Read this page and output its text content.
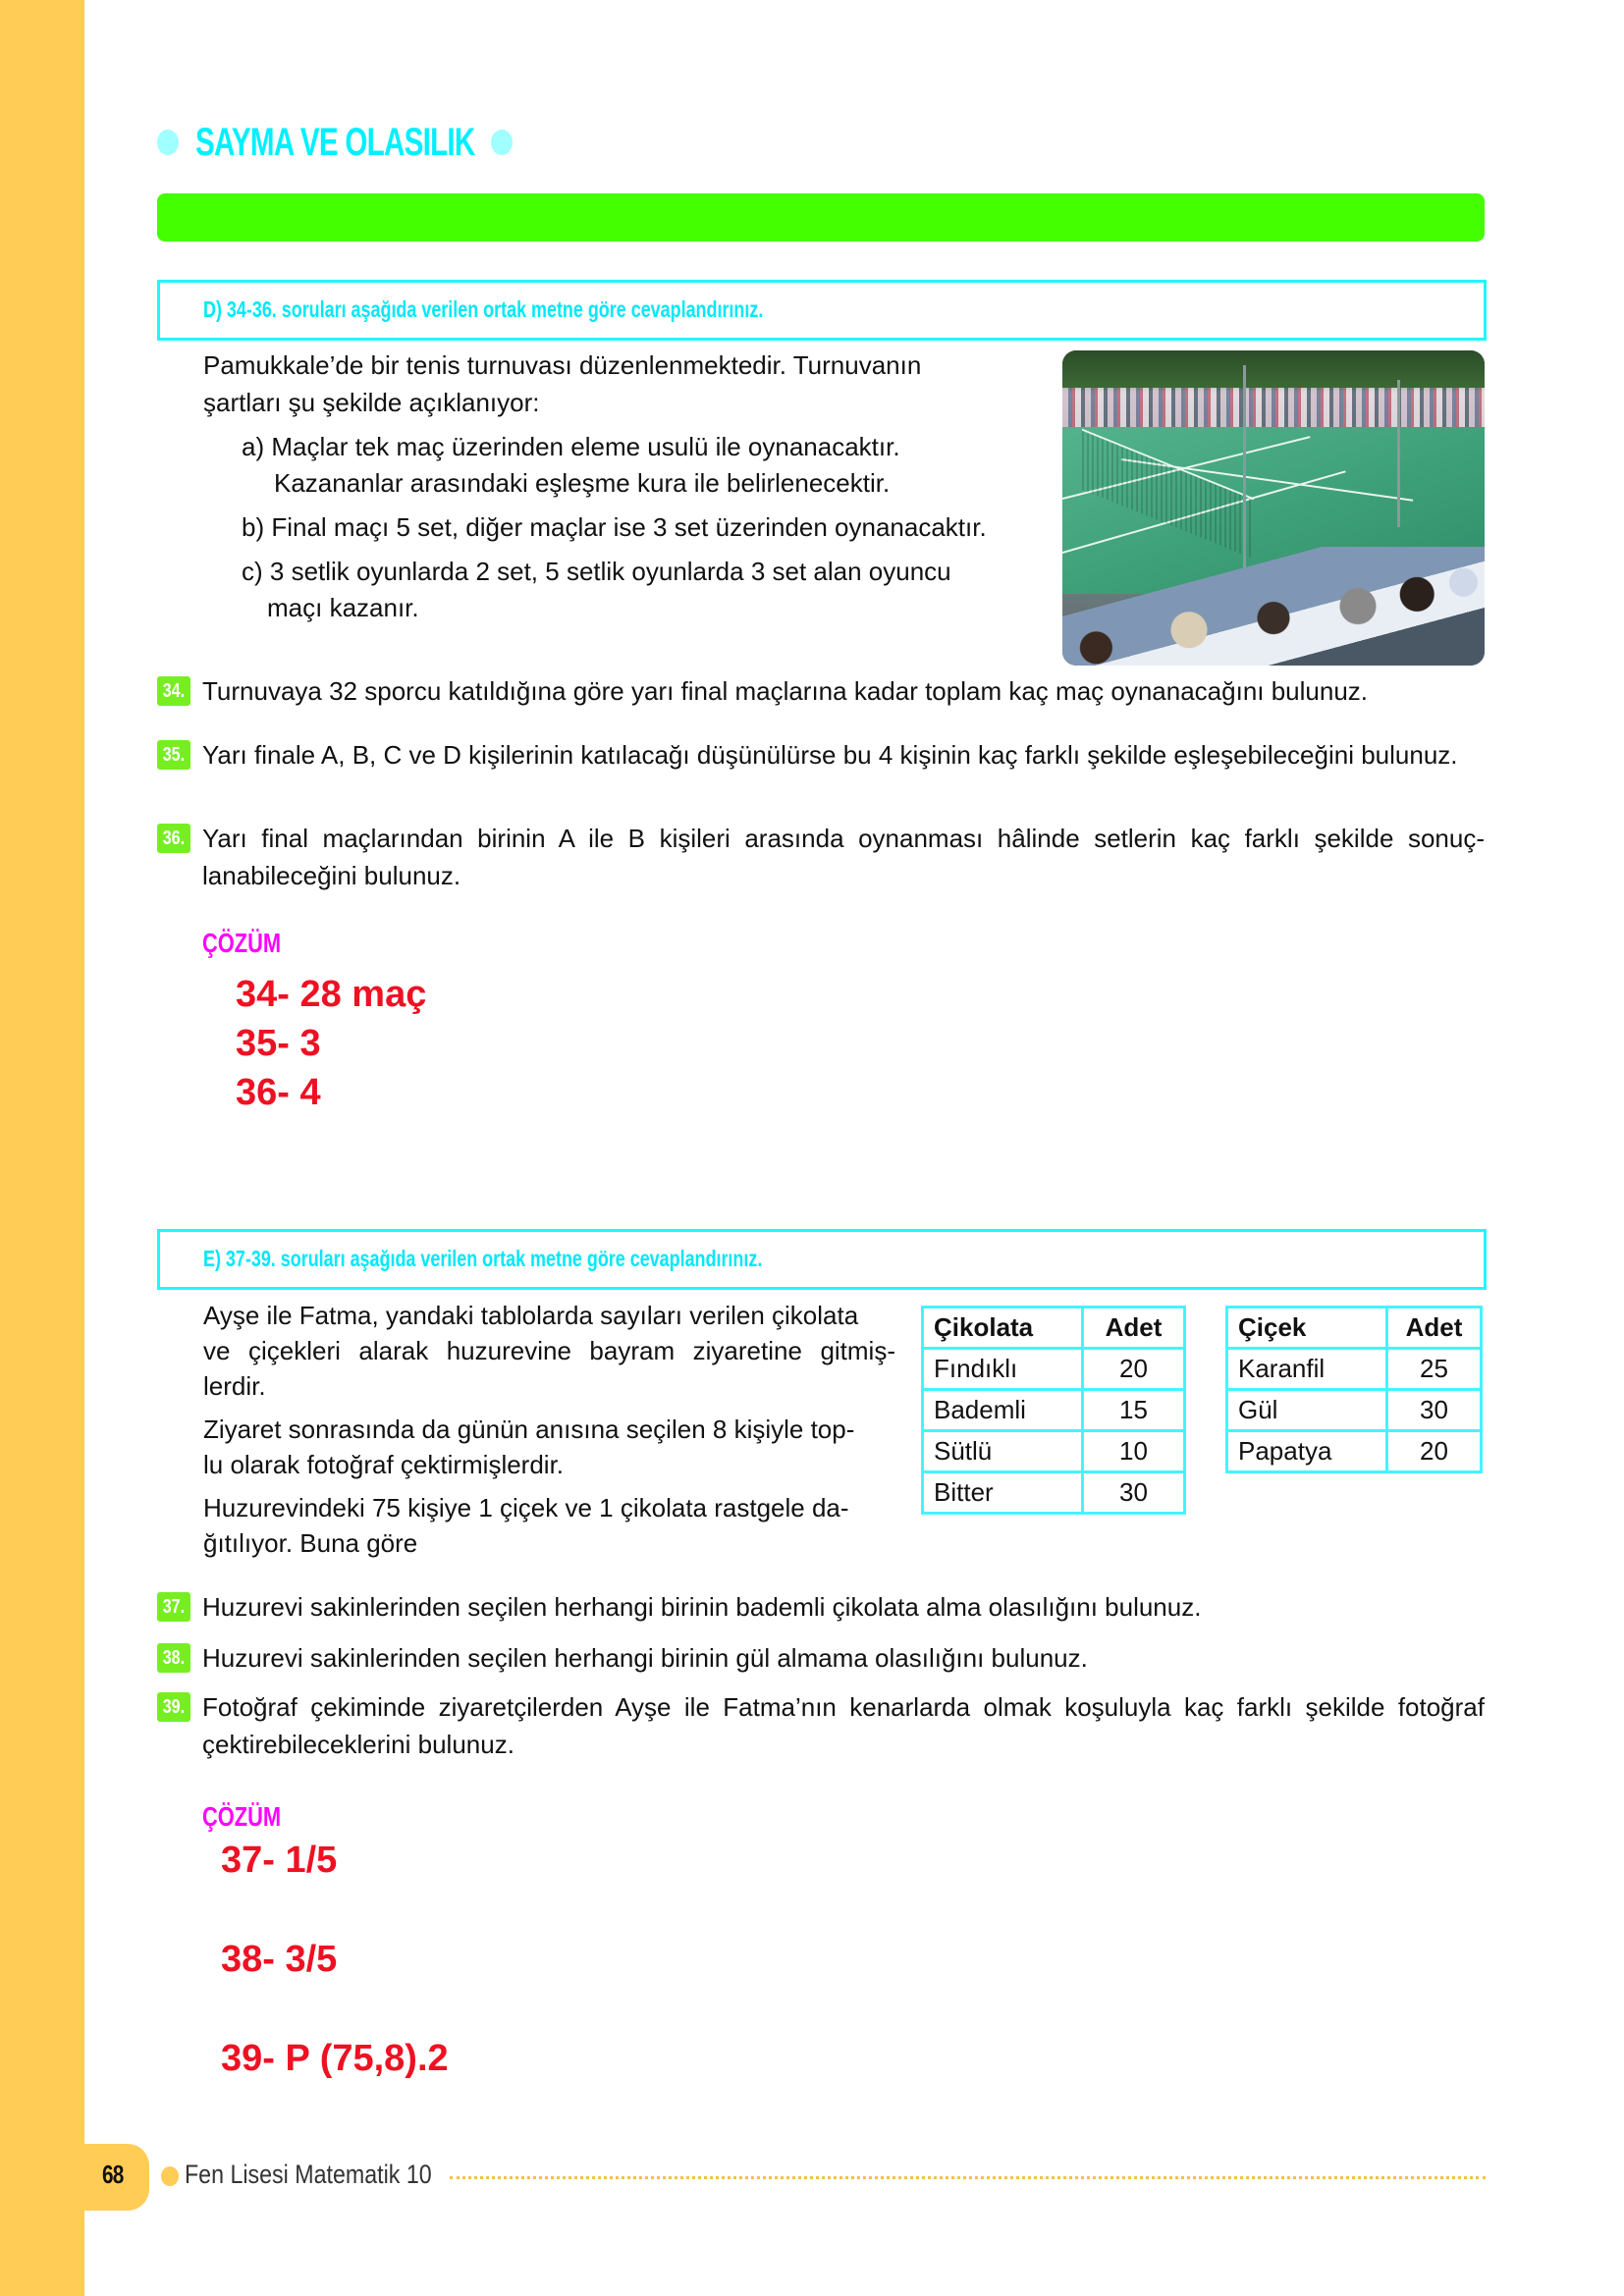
SAYMA VE OLASILIK
D) 34-36. soruları aşağıda verilen ortak metne göre cevaplandırınız.
Pamukkale’de bir tenis turnuvası düzenlenmektedir. Turnuvanın
şartları şu şekilde açıklanıyor:
a) Maçlar tek maç üzerinden eleme usulü ile oynanacaktır.
Kazananlar arasındaki eşleşme kura ile belirlenecektir.
b) Final maçı 5 set, diğer maçlar ise 3 set üzerinden oynanacaktır.
c) 3 setlik oyunlarda 2 set, 5 setlik oyunlarda 3 set alan oyuncu
maçı kazanır.
34. Turnuvaya 32 sporcu katıldığına göre yarı final maçlarına kadar toplam kaç maç oynanacağını bulunuz.
35. Yarı finale A, B, C ve D kişilerinin katılacağı düşünülürse bu 4 kişinin kaç farklı şekilde eşleşebileceğini bulunuz.
36. Yarı final maçlarından birinin A ile B kişileri arasında oynanması hâlinde setlerin kaç farklı şekilde sonuç-lanabileceğini bulunuz.
ÇÖZÜM
34- 28 maç
35- 3
36- 4
E) 37-39. soruları aşağıda verilen ortak metne göre cevaplandırınız.
Ayşe ile Fatma, yandaki tablolarda sayıları verilen çikolata
ve çiçekleri alarak huzurevine bayram ziyaretine gitmiş-
lerdir.
Ziyaret sonrasında da günün anısına seçilen 8 kişiyle top-
lu olarak fotoğraf çektirmişlerdir.
Huzurevindeki 75 kişiye 1 çiçek ve 1 çikolata rastgele da-
ğıtılıyor. Buna göre
Çikolata	Adet
Fındıklı	20
Bademli	15
Sütlü	10
Bitter	30
Çiçek	Adet
Karanfil	25
Gül	30
Papatya	20
37. Huzurevi sakinlerinden seçilen herhangi birinin bademli çikolata alma olasılığını bulunuz.
38. Huzurevi sakinlerinden seçilen herhangi birinin gül almama olasılığını bulunuz.
39. Fotoğraf çekiminde ziyaretçilerden Ayşe ile Fatma’nın kenarlarda olmak koşuluyla kaç farklı şekilde fotoğraf çektirebileceklerini bulunuz.
ÇÖZÜM
37- 1/5
38- 3/5
39- P (75,8).2
68 Fen Lisesi Matematik 10
